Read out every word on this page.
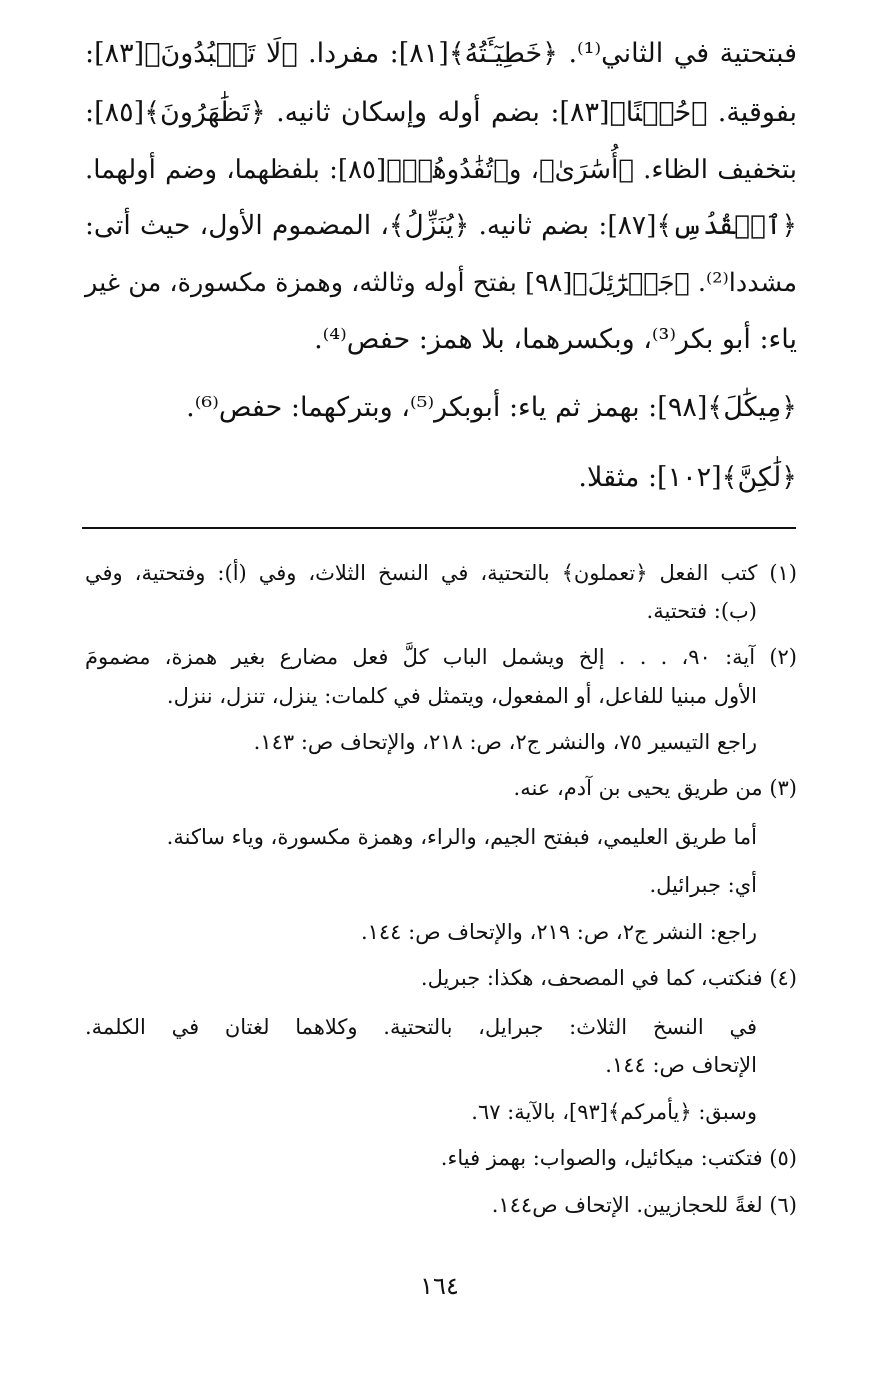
فبتحتية في الثاني⁽¹⁾. ﴿خَطِيٓـَٔتُهُ﴾[٨١]: مفردا. ﴿لَا تَعۡبُدُونَ﴾[٨٣]:
بفوقية. ﴿حُسۡنًا﴾[٨٣]: بضم أوله وإسكان ثانيه. ﴿تَظَٰهَرُونَ﴾[٨٥]:
بتخفيف الظاء. ﴿أُسَٰرَىٰ﴾، و﴿تُفَٰدُوهُمۡ﴾[٨٥]: بلفظهما، وضم أولهما.
﴿ٱلۡقُدُسِ﴾[٨٧]: بضم ثانيه. ﴿يُنَزِّلُ﴾، المضموم الأول، حيث أتى:
مشددا⁽²⁾. ﴿جَبۡرَٰٓئِلَ﴾[٩٨] بفتح أوله وثالثه، وهمزة مكسورة، من غير
ياء: أبو بكر⁽³⁾، وبكسرهما، بلا همز: حفص⁽⁴⁾.
﴿مِيكَٰلَ﴾[٩٨]: بهمز ثم ياء: أبوبكر⁽⁵⁾، وبتركهما: حفص⁽⁶⁾.
﴿لَٰكِنَّ﴾[١٠٢]: مثقلا.
(١) كتب الفعل ﴿تعملون﴾ بالتحتية، في النسخ الثلاث، وفي (أ): وفتحتية، وفي
(ب): فتحتية.
(٢) آية: ٩٠، . . . إلخ ويشمل الباب كلَّ فعل مضارع بغير همزة، مضمومَ
الأول مبنيا للفاعل، أو المفعول، ويتمثل في كلمات: ينزل، تنزل، ننزل.
راجع التيسير ٧٥، والنشر ج٢، ص: ٢١٨، والإتحاف ص: ١٤٣.
(٣) من طريق يحيى بن آدم، عنه.
أما طريق العليمي، فبفتح الجيم، والراء، وهمزة مكسورة، وياء ساكنة.
أي: جبرائيل.
راجع: النشر ج٢، ص: ٢١٩، والإتحاف ص: ١٤٤.
(٤) فنكتب، كما في المصحف، هكذا: جبريل.
في النسخ الثلاث: جبرايل، بالتحتية. وكلاهما لغتان في الكلمة.
الإتحاف ص: ١٤٤.
وسبق: ﴿يأمركم﴾[٩٣]، بالآية: ٦٧.
(٥) فتكتب: ميكائيل، والصواب: بهمز فياء.
(٦) لغةً للحجازيين. الإتحاف ص١٤٤.
١٦٤
